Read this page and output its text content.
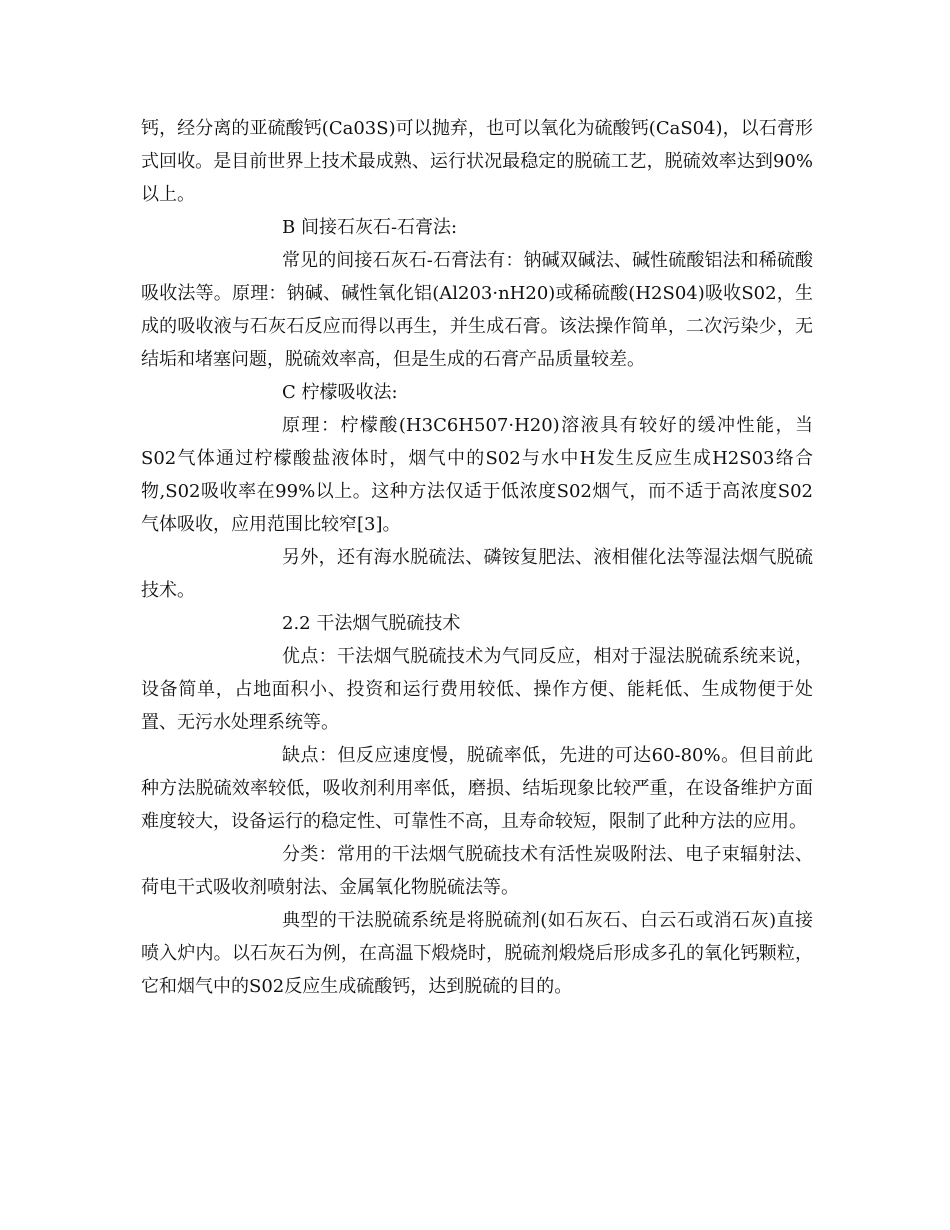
钙，经分离的亚硫酸钙(Ca03S)可以抛弃，也可以氧化为硫酸钙(CaS04)，以石膏形式回收。是目前世界上技术最成熟、运行状况最稳定的脱硫工艺，脱硫效率达到90%以上。

B 间接石灰石-石膏法:

常见的间接石灰石-石膏法有：钠碱双碱法、碱性硫酸铝法和稀硫酸吸收法等。原理：钠碱、碱性氧化铝(Al203·nH20)或稀硫酸(H2S04)吸收S02，生成的吸收液与石灰石反应而得以再生，并生成石膏。该法操作简单，二次污染少，无结垢和堵塞问题，脱硫效率高，但是生成的石膏产品质量较差。

C 柠檬吸收法:

原理：柠檬酸(H3C6H507·H20)溶液具有较好的缓冲性能，当S02气体通过柠檬酸盐液体时，烟气中的S02与水中H发生反应生成H2S03络合物,S02吸收率在99%以上。这种方法仅适于低浓度S02烟气，而不适于高浓度S02气体吸收，应用范围比较窄[3]。

另外，还有海水脱硫法、磷铵复肥法、液相催化法等湿法烟气脱硫技术。

2.2 干法烟气脱硫技术

优点：干法烟气脱硫技术为气同反应，相对于湿法脱硫系统来说，设备简单，占地面积小、投资和运行费用较低、操作方便、能耗低、生成物便于处置、无污水处理系统等。

缺点：但反应速度慢，脱硫率低，先进的可达60-80%。但目前此种方法脱硫效率较低，吸收剂利用率低，磨损、结垢现象比较严重，在设备维护方面难度较大，设备运行的稳定性、可靠性不高，且寿命较短，限制了此种方法的应用。

分类：常用的干法烟气脱硫技术有活性炭吸附法、电子束辐射法、荷电干式吸收剂喷射法、金属氧化物脱硫法等。

典型的干法脱硫系统是将脱硫剂(如石灰石、白云石或消石灰)直接喷入炉内。以石灰石为例，在高温下煅烧时，脱硫剂煅烧后形成多孔的氧化钙颗粒，它和烟气中的S02反应生成硫酸钙，达到脱硫的目的。
